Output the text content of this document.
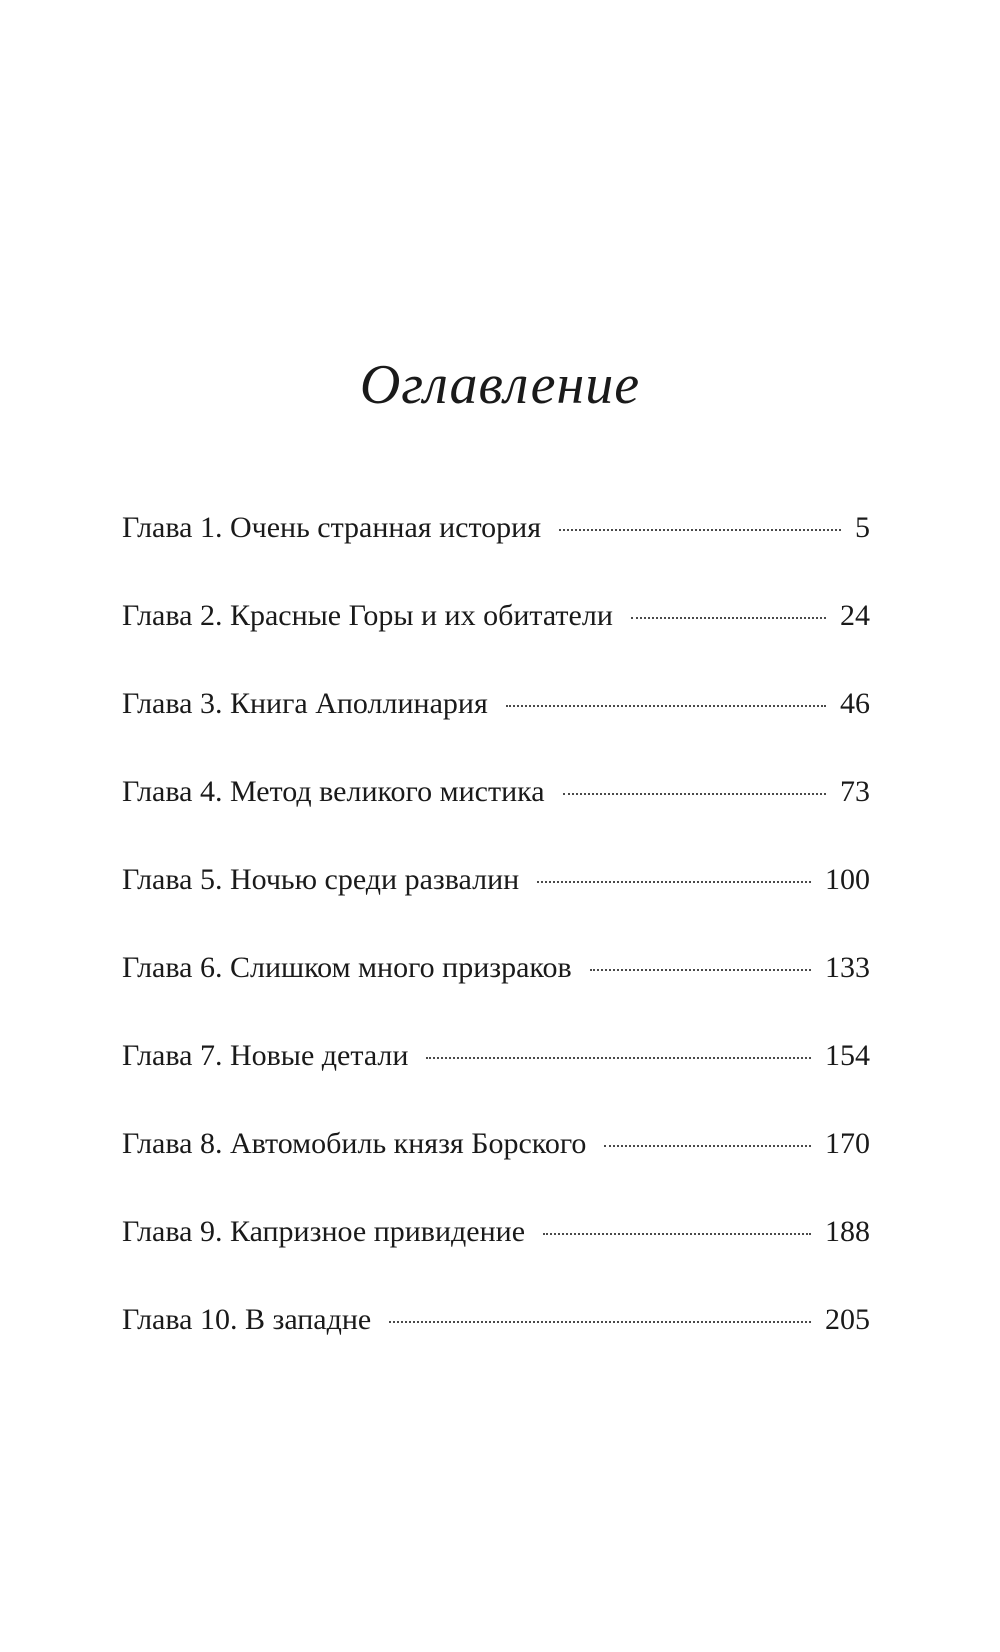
Оглавление
Глава 1. Очень странная история	5
Глава 2. Красные Горы и их обитатели	24
Глава 3. Книга Аполлинария	46
Глава 4. Метод великого мистика	73
Глава 5. Ночью среди развалин	100
Глава 6. Слишком много призраков	133
Глава 7. Новые детали	154
Глава 8. Автомобиль князя Борского	170
Глава 9. Капризное привидение	188
Глава 10. В западне	205
